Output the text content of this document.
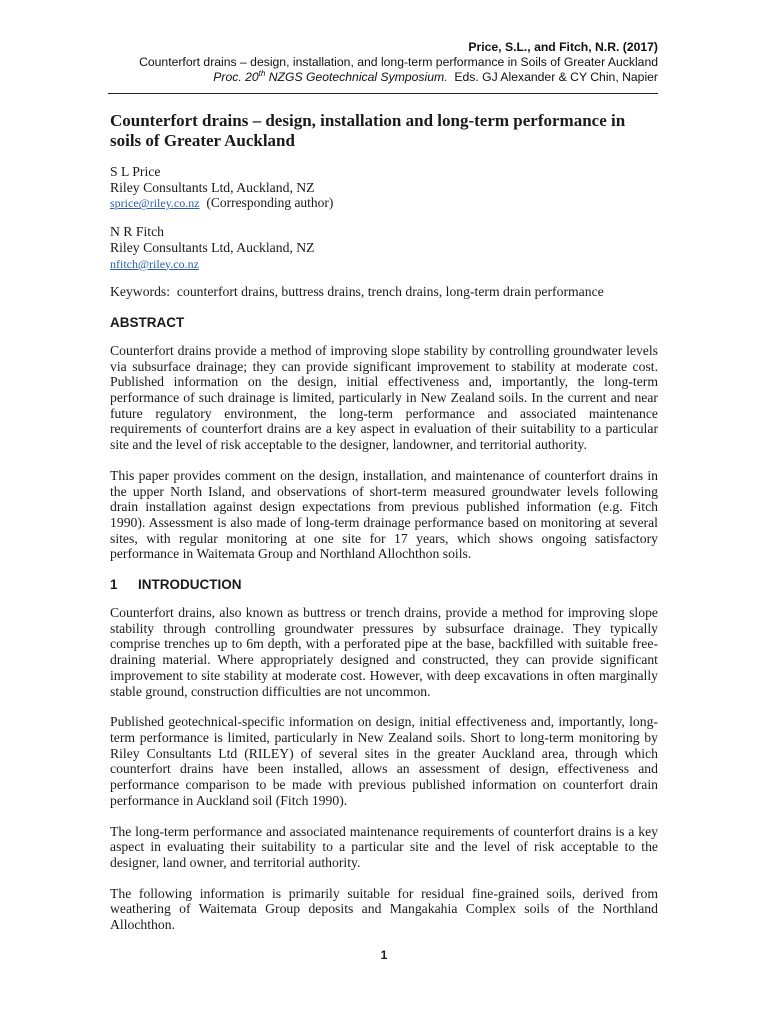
Price, S.L., and Fitch, N.R. (2017)
Counterfort drains – design, installation, and long-term performance in Soils of Greater Auckland
Proc. 20th NZGS Geotechnical Symposium.  Eds. GJ Alexander & CY Chin, Napier
Counterfort drains – design, installation and long-term performance in soils of Greater Auckland
S L Price
Riley Consultants Ltd, Auckland, NZ
sprice@riley.co.nz  (Corresponding author)
N R Fitch
Riley Consultants Ltd, Auckland, NZ
nfitch@riley.co.nz
Keywords:  counterfort drains, buttress drains, trench drains, long-term drain performance
ABSTRACT

Counterfort drains provide a method of improving slope stability by controlling groundwater levels via subsurface drainage; they can provide significant improvement to stability at moderate cost. Published information on the design, initial effectiveness and, importantly, the long-term performance of such drainage is limited, particularly in New Zealand soils. In the current and near future regulatory environment, the long-term performance and associated maintenance requirements of counterfort drains are a key aspect in evaluation of their suitability to a particular site and the level of risk acceptable to the designer, landowner, and territorial authority.

This paper provides comment on the design, installation, and maintenance of counterfort drains in the upper North Island, and observations of short-term measured groundwater levels following drain installation against design expectations from previous published information (e.g. Fitch 1990). Assessment is also made of long-term drainage performance based on monitoring at several sites, with regular monitoring at one site for 17 years, which shows ongoing satisfactory performance in Waitemata Group and Northland Allochthon soils.

1 INTRODUCTION

Counterfort drains, also known as buttress or trench drains, provide a method for improving slope stability through controlling groundwater pressures by subsurface drainage. They typically comprise trenches up to 6m depth, with a perforated pipe at the base, backfilled with suitable free-draining material. Where appropriately designed and constructed, they can provide significant improvement to site stability at moderate cost. However, with deep excavations in often marginally stable ground, construction difficulties are not uncommon.

Published geotechnical-specific information on design, initial effectiveness and, importantly, long-term performance is limited, particularly in New Zealand soils. Short to long-term monitoring by Riley Consultants Ltd (RILEY) of several sites in the greater Auckland area, through which counterfort drains have been installed, allows an assessment of design, effectiveness and performance comparison to be made with previous published information on counterfort drain performance in Auckland soil (Fitch 1990).

The long-term performance and associated maintenance requirements of counterfort drains is a key aspect in evaluating their suitability to a particular site and the level of risk acceptable to the designer, land owner, and territorial authority.

The following information is primarily suitable for residual fine-grained soils, derived from weathering of Waitemata Group deposits and Mangakahia Complex soils of the Northland Allochthon.

1
